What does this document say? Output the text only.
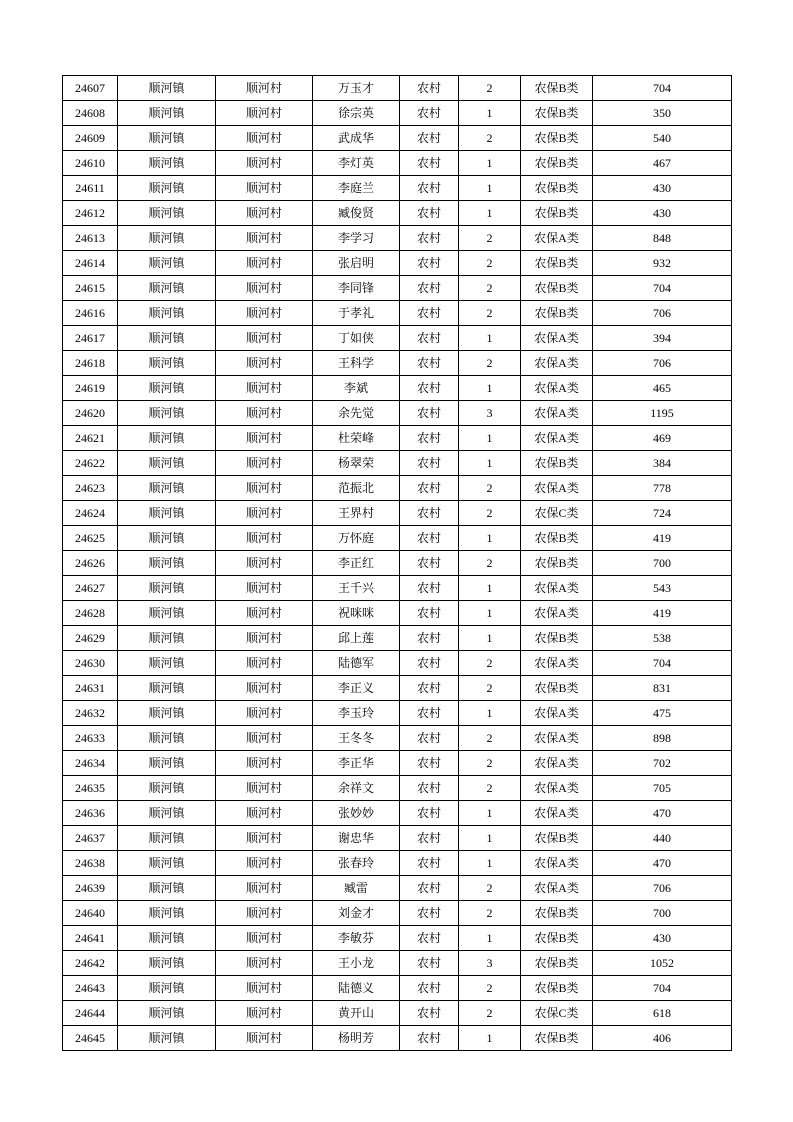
24607	顺河镇	顺河村	万玉才	农村	2	农保B类	704
24608	顺河镇	顺河村	徐宗英	农村	1	农保B类	350
24609	顺河镇	顺河村	武成华	农村	2	农保B类	540
24610	顺河镇	顺河村	李灯英	农村	1	农保B类	467
24611	顺河镇	顺河村	李庭兰	农村	1	农保B类	430
24612	顺河镇	顺河村	臧俊贤	农村	1	农保B类	430
24613	顺河镇	顺河村	李学习	农村	2	农保A类	848
24614	顺河镇	顺河村	张启明	农村	2	农保B类	932
24615	顺河镇	顺河村	李同锋	农村	2	农保B类	704
24616	顺河镇	顺河村	于孝礼	农村	2	农保B类	706
24617	顺河镇	顺河村	丁如侠	农村	1	农保A类	394
24618	顺河镇	顺河村	王科学	农村	2	农保A类	706
24619	顺河镇	顺河村	李斌	农村	1	农保A类	465
24620	顺河镇	顺河村	余先觉	农村	3	农保A类	1195
24621	顺河镇	顺河村	杜荣峰	农村	1	农保A类	469
24622	顺河镇	顺河村	杨翠荣	农村	1	农保B类	384
24623	顺河镇	顺河村	范振北	农村	2	农保A类	778
24624	顺河镇	顺河村	王界村	农村	2	农保C类	724
24625	顺河镇	顺河村	万怀庭	农村	1	农保B类	419
24626	顺河镇	顺河村	李正红	农村	2	农保B类	700
24627	顺河镇	顺河村	王千兴	农村	1	农保A类	543
24628	顺河镇	顺河村	祝咪咪	农村	1	农保A类	419
24629	顺河镇	顺河村	邱上莲	农村	1	农保B类	538
24630	顺河镇	顺河村	陆德军	农村	2	农保A类	704
24631	顺河镇	顺河村	李正义	农村	2	农保B类	831
24632	顺河镇	顺河村	李玉玲	农村	1	农保A类	475
24633	顺河镇	顺河村	王冬冬	农村	2	农保A类	898
24634	顺河镇	顺河村	李正华	农村	2	农保A类	702
24635	顺河镇	顺河村	余祥文	农村	2	农保A类	705
24636	顺河镇	顺河村	张妙妙	农村	1	农保A类	470
24637	顺河镇	顺河村	谢忠华	农村	1	农保B类	440
24638	顺河镇	顺河村	张春玲	农村	1	农保A类	470
24639	顺河镇	顺河村	臧雷	农村	2	农保A类	706
24640	顺河镇	顺河村	刘金才	农村	2	农保B类	700
24641	顺河镇	顺河村	李敏芬	农村	1	农保B类	430
24642	顺河镇	顺河村	王小龙	农村	3	农保B类	1052
24643	顺河镇	顺河村	陆德义	农村	2	农保B类	704
24644	顺河镇	顺河村	黄开山	农村	2	农保C类	618
24645	顺河镇	顺河村	杨明芳	农村	1	农保B类	406
